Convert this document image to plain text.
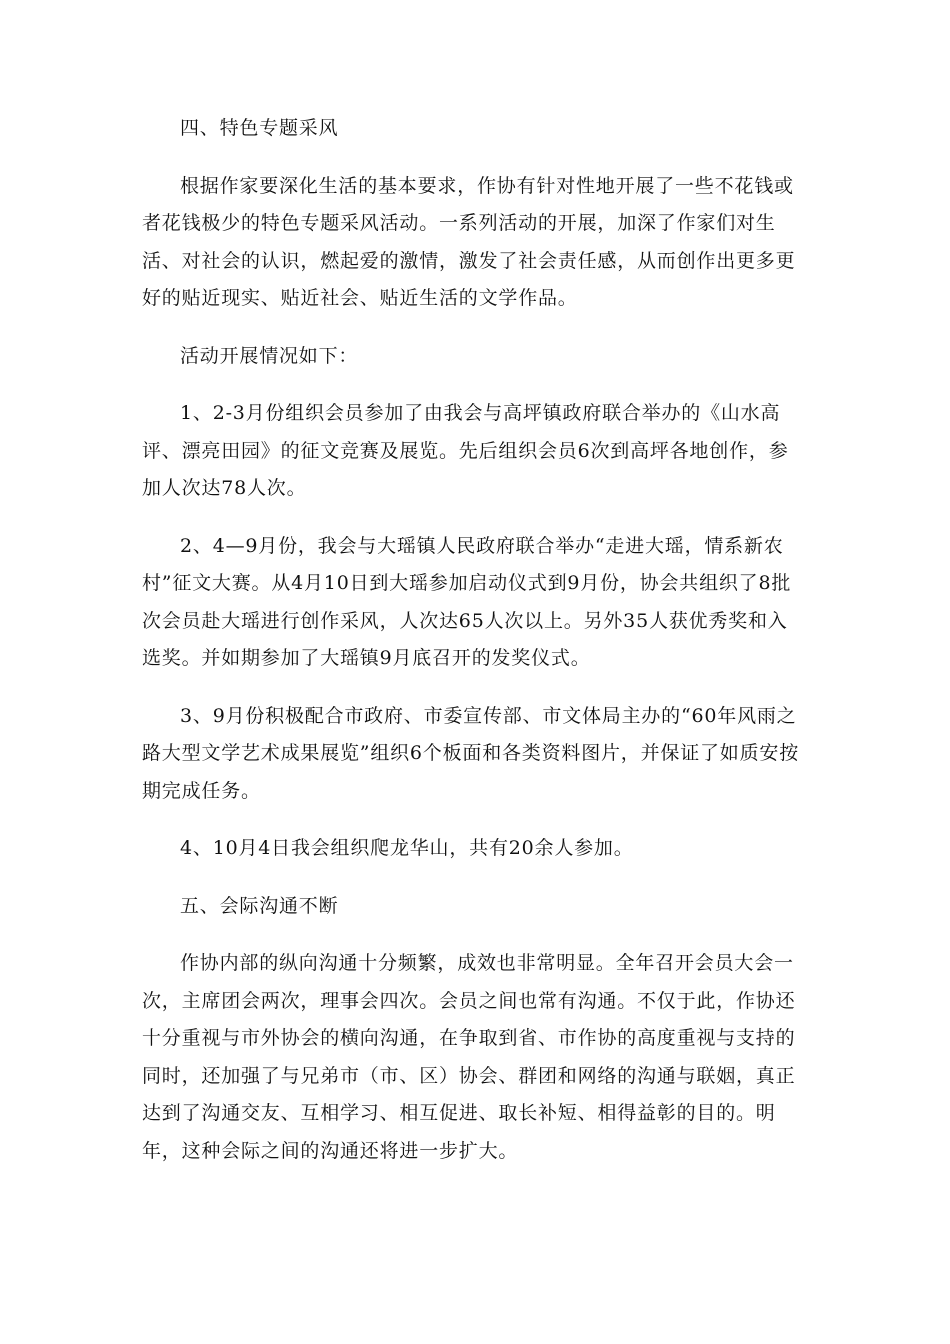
四、特色专题采风

根据作家要深化生活的基本要求，作协有针对性地开展了一些不花钱或者花钱极少的特色专题采风活动。一系列活动的开展，加深了作家们对生活、对社会的认识，燃起爱的激情，激发了社会责任感，从而创作出更多更好的贴近现实、贴近社会、贴近生活的文学作品。

活动开展情况如下：

1、2-3月份组织会员参加了由我会与高坪镇政府联合举办的《山水高评、漂亮田园》的征文竞赛及展览。先后组织会员6次到高坪各地创作，参加人次达78人次。

2、4—9月份，我会与大瑶镇人民政府联合举办“走进大瑶，情系新农村”征文大赛。从4月10日到大瑶参加启动仪式到9月份，协会共组织了8批次会员赴大瑶进行创作采风，人次达65人次以上。另外35人获优秀奖和入选奖。并如期参加了大瑶镇9月底召开的发奖仪式。

3、9月份积极配合市政府、市委宣传部、市文体局主办的“60年风雨之路大型文学艺术成果展览”组织6个板面和各类资料图片，并保证了如质安按期完成任务。

4、10月4日我会组织爬龙华山，共有20余人参加。

五、会际沟通不断

作协内部的纵向沟通十分频繁，成效也非常明显。全年召开会员大会一次，主席团会两次，理事会四次。会员之间也常有沟通。不仅于此，作协还十分重视与市外协会的横向沟通，在争取到省、市作协的高度重视与支持的同时，还加强了与兄弟市（市、区）协会、群团和网络的沟通与联姻，真正达到了沟通交友、互相学习、相互促进、取长补短、相得益彰的目的。明年，这种会际之间的沟通还将进一步扩大。
